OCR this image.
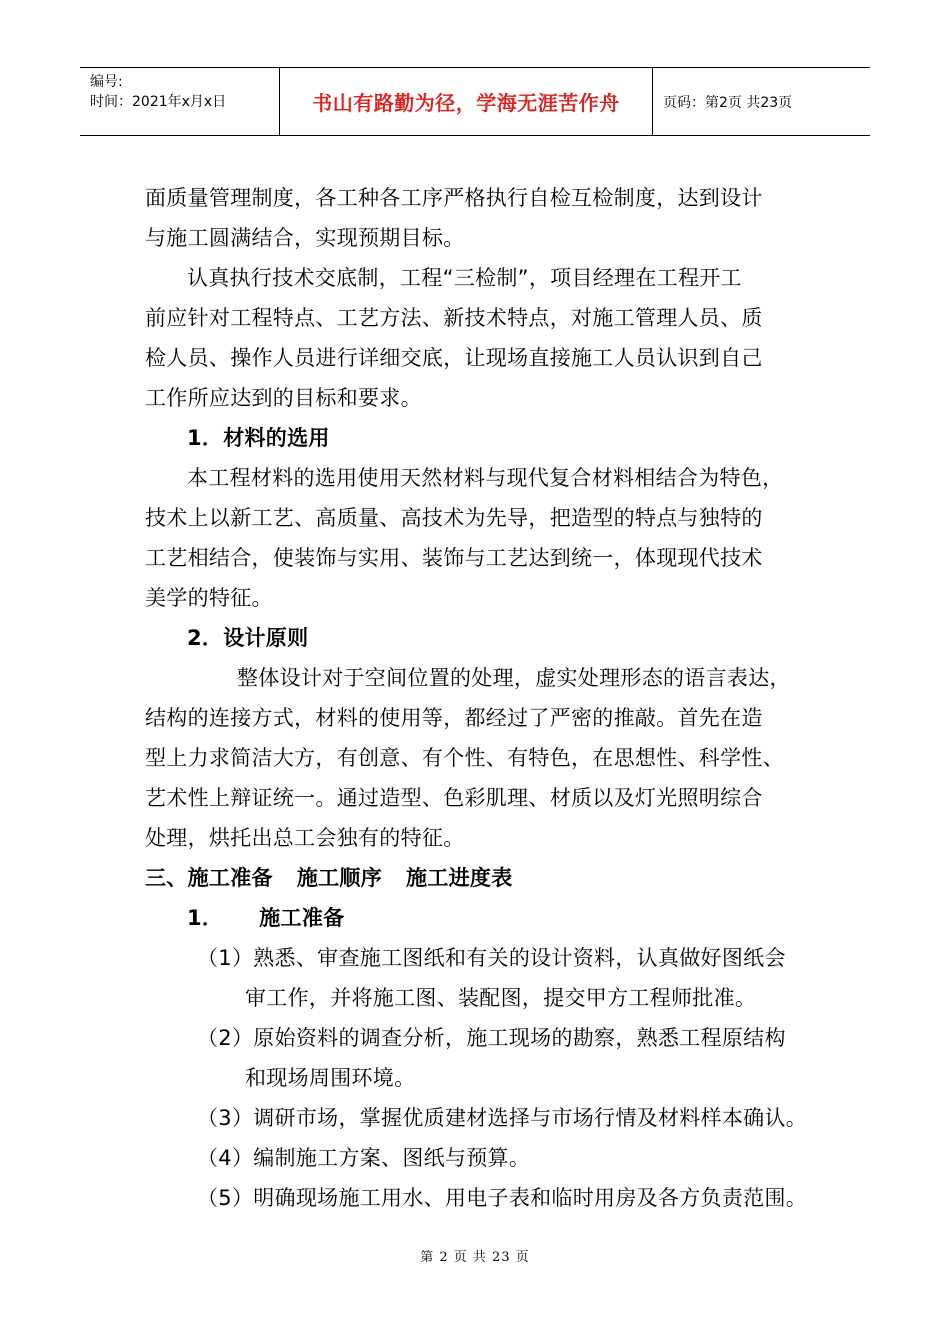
编号:
时间：2021年x月x日	书山有路勤为径，学海无涯苦作舟	页码：第2页 共23页
面质量管理制度，各工种各工序严格执行自检互检制度，达到设计
与施工圆满结合，实现预期目标。
认真执行技术交底制，工程“三检制”，项目经理在工程开工
前应针对工程特点、工艺方法、新技术特点，对施工管理人员、质
检人员、操作人员进行详细交底，让现场直接施工人员认识到自己
工作所应达到的目标和要求。
1．材料的选用
本工程材料的选用使用天然材料与现代复合材料相结合为特色，
技术上以新工艺、高质量、高技术为先导，把造型的特点与独特的
工艺相结合，使装饰与实用、装饰与工艺达到统一，体现现代技术
美学的特征。
2．设计原则
整体设计对于空间位置的处理，虚实处理形态的语言表达，
结构的连接方式，材料的使用等，都经过了严密的推敲。首先在造
型上力求简洁大方，有创意、有个性、有特色，在思想性、科学性、
艺术性上辩证统一。通过造型、色彩肌理、材质以及灯光照明综合
处理，烘托出总工会独有的特征。
三、施工准备 施工顺序 施工进度表
1． 施工准备
（1）熟悉、审查施工图纸和有关的设计资料，认真做好图纸会
审工作，并将施工图、装配图，提交甲方工程师批准。
（2）原始资料的调查分析，施工现场的勘察，熟悉工程原结构
和现场周围环境。
（3）调研市场，掌握优质建材选择与市场行情及材料样本确认。
（4）编制施工方案、图纸与预算。
（5）明确现场施工用水、用电子表和临时用房及各方负责范围。
第 2 页 共 23 页
